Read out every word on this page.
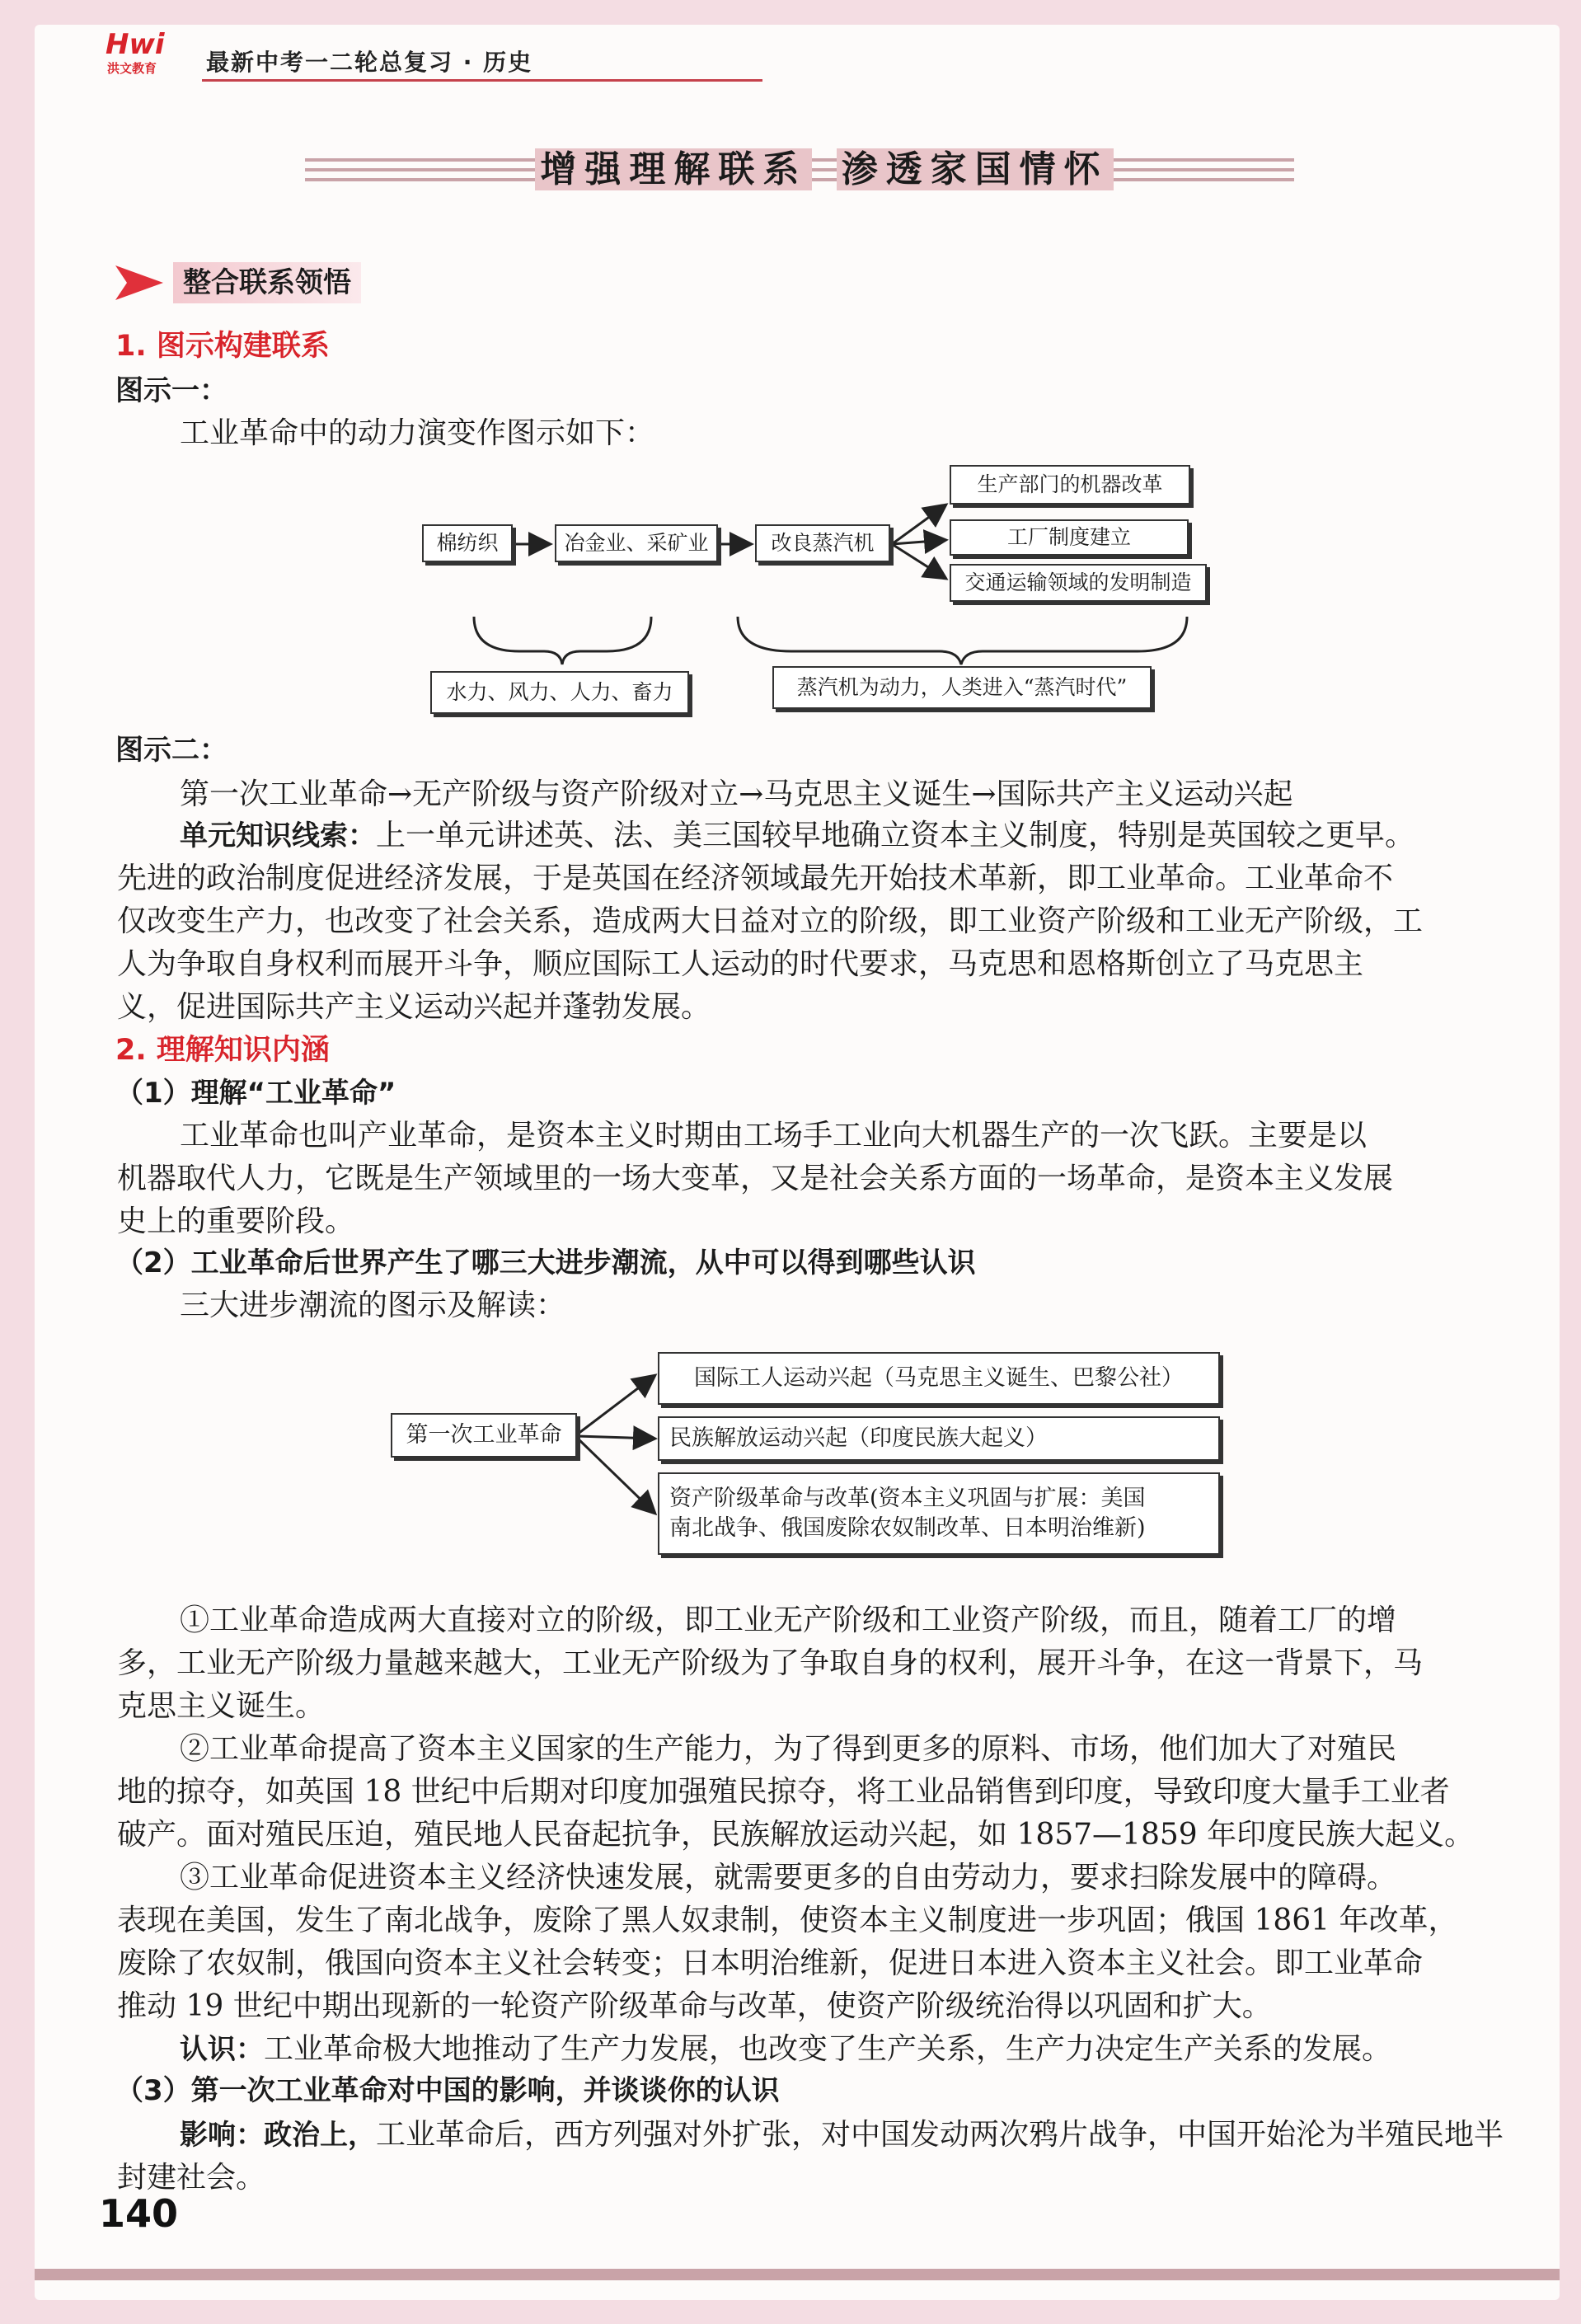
Hwi
洪文教育 最新中考一二轮总复习 · 历史
增强理解联系 渗透家国情怀
整合联系领悟
1. 图示构建联系
图示一：
工业革命中的动力演变作图示如下：
棉纺织	冶金业、采矿业	改良蒸汽机
生产部门的机器改革
工厂制度建立
交通运输领域的发明制造
水力、风力、人力、畜力	蒸汽机为动力，人类进入“蒸汽时代”
图示二：
第一次工业革命→无产阶级与资产阶级对立→马克思主义诞生→国际共产主义运动兴起
单元知识线索：上一单元讲述英、法、美三国较早地确立资本主义制度，特别是英国较之更早。
先进的政治制度促进经济发展，于是英国在经济领域最先开始技术革新，即工业革命。工业革命不
仅改变生产力，也改变了社会关系，造成两大日益对立的阶级，即工业资产阶级和工业无产阶级，工
人为争取自身权利而展开斗争，顺应国际工人运动的时代要求，马克思和恩格斯创立了马克思主
义，促进国际共产主义运动兴起并蓬勃发展。
2. 理解知识内涵
（1）理解“工业革命”
工业革命也叫产业革命，是资本主义时期由工场手工业向大机器生产的一次飞跃。主要是以
机器取代人力，它既是生产领域里的一场大变革，又是社会关系方面的一场革命，是资本主义发展
史上的重要阶段。
（2）工业革命后世界产生了哪三大进步潮流，从中可以得到哪些认识
三大进步潮流的图示及解读：
第一次工业革命
国际工人运动兴起（马克思主义诞生、巴黎公社）
民族解放运动兴起（印度民族大起义）
资产阶级革命与改革(资本主义巩固与扩展：美国
南北战争、俄国废除农奴制改革、日本明治维新)
①工业革命造成两大直接对立的阶级，即工业无产阶级和工业资产阶级，而且，随着工厂的增
多，工业无产阶级力量越来越大，工业无产阶级为了争取自身的权利，展开斗争，在这一背景下，马
克思主义诞生。
②工业革命提高了资本主义国家的生产能力，为了得到更多的原料、市场，他们加大了对殖民
地的掠夺，如英国 18 世纪中后期对印度加强殖民掠夺，将工业品销售到印度，导致印度大量手工业者
破产。面对殖民压迫，殖民地人民奋起抗争，民族解放运动兴起，如 1857—1859 年印度民族大起义。
③工业革命促进资本主义经济快速发展，就需要更多的自由劳动力，要求扫除发展中的障碍。
表现在美国，发生了南北战争，废除了黑人奴隶制，使资本主义制度进一步巩固；俄国 1861 年改革，
废除了农奴制，俄国向资本主义社会转变；日本明治维新，促进日本进入资本主义社会。即工业革命
推动 19 世纪中期出现新的一轮资产阶级革命与改革，使资产阶级统治得以巩固和扩大。
认识：工业革命极大地推动了生产力发展，也改变了生产关系，生产力决定生产关系的发展。
（3）第一次工业革命对中国的影响，并谈谈你的认识
影响：政治上，工业革命后，西方列强对外扩张，对中国发动两次鸦片战争，中国开始沦为半殖民地半
封建社会。
140
